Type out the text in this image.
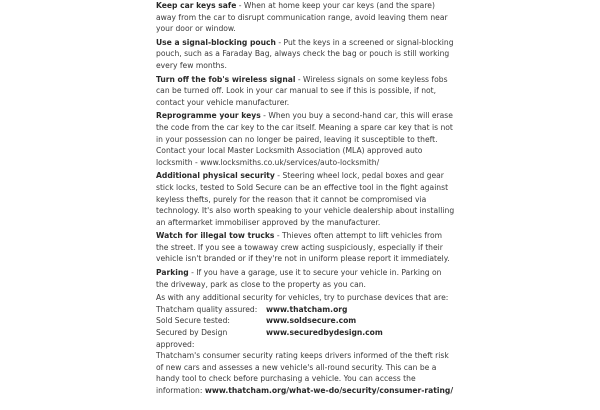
Keep car keys safe - When at home keep your car keys (and the spare) away from the car to disrupt communication range, avoid leaving them near your door or window.
Use a signal-blocking pouch - Put the keys in a screened or signal-blocking pouch, such as a Faraday Bag, always check the bag or pouch is still working every few months.
Turn off the fob's wireless signal - Wireless signals on some keyless fobs can be turned off. Look in your car manual to see if this is possible, if not, contact your vehicle manufacturer.
Reprogramme your keys - When you buy a second-hand car, this will erase the code from the car key to the car itself. Meaning a spare car key that is not in your possession can no longer be paired, leaving it susceptible to theft. Contact your local Master Locksmith Association (MLA) approved auto locksmith - www.locksmiths.co.uk/services/auto-locksmith/
Additional physical security - Steering wheel lock, pedal boxes and gear stick locks, tested to Sold Secure can be an effective tool in the fight against keyless thefts, purely for the reason that it cannot be compromised via technology. It's also worth speaking to your vehicle dealership about installing an aftermarket immobiliser approved by the manufacturer.
Watch for illegal tow trucks - Thieves often attempt to lift vehicles from the street. If you see a towaway crew acting suspiciously, especially if their vehicle isn't branded or if they're not in uniform please report it immediately.
Parking - If you have a garage, use it to secure your vehicle in. Parking on the driveway, park as close to the property as you can.

As with any additional security for vehicles, try to purchase devices that are:

Thatcham quality assured:	www.thatcham.org
Sold Secure tested:	www.soldsecure.com
Secured by Design approved:
www.securedbydesign.com

Thatcham's consumer security rating keeps drivers informed of the theft risk of new cars and assesses a new vehicle's all-round security. This can be a handy tool to check before purchasing a vehicle. You can access the information: www.thatcham.org/what-we-do/security/consumer-rating/
